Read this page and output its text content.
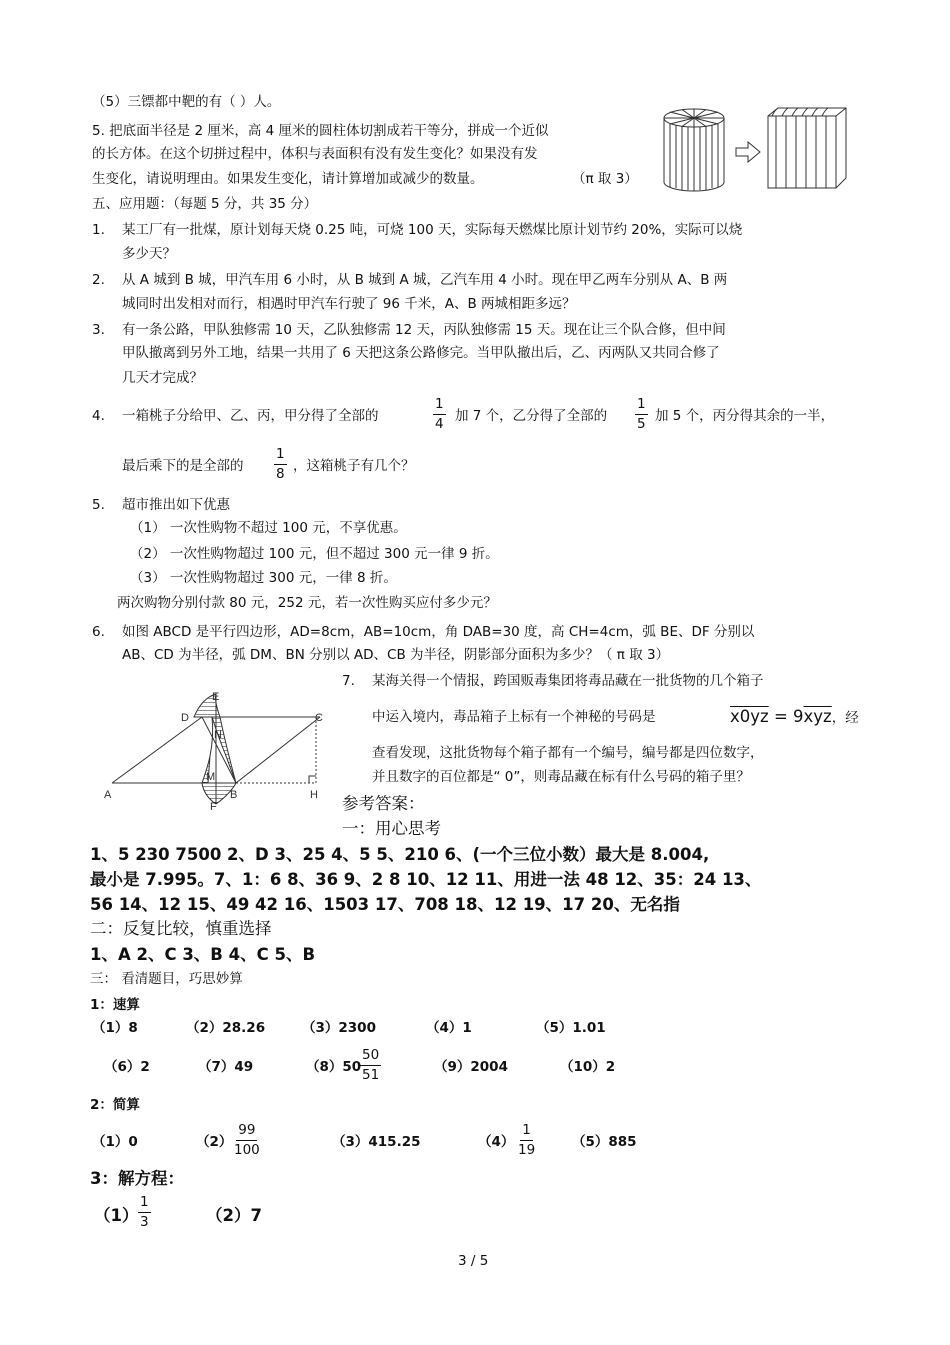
（5）三镖都中靶的有（ ）人。
5. 把底面半径是 2 厘米，高 4 厘米的圆柱体切割成若干等分，拼成一个近似
的长方体。在这个切拼过程中，体积与表面积有没有发生变化？如果没有发
生变化，请说明理由。如果发生变化，请计算增加或减少的数量。	（π 取 3）
五、应用题：（每题 5 分，共 35 分）
1. 某工厂有一批煤，原计划每天烧 0.25 吨，可烧 100 天，实际每天燃煤比原计划节约 20%，实际可以烧
多少天？
2. 从 A 城到 B 城，甲汽车用 6 小时，从 B 城到 A 城，乙汽车用 4 小时。现在甲乙两车分别从 A、B 两
城同时出发相对而行，相遇时甲汽车行驶了 96 千米，A、B 两城相距多远？
3. 有一条公路，甲队独修需 10 天，乙队独修需 12 天，丙队独修需 15 天。现在让三个队合修，但中间
甲队撤离到另外工地，结果一共用了 6 天把这条公路修完。当甲队撤出后，乙、丙两队又共同合修了
几天才完成？
4. 一箱桃子分给甲、乙、丙，甲分得了全部的	$\frac{1}{4}$ 加 7 个，乙分得了全部的 $\frac{1}{5}$ 加 5 个，丙分得其余的一半，
最后乘下的是全部的 $\frac{1}{8}$ ，这箱桃子有几个？
5. 超市推出如下优惠
（1） 一次性购物不超过 100 元，不享优惠。
（2） 一次性购物超过 100 元，但不超过 300 元一律 9 折。
（3） 一次性购物超过 300 元，一律 8 折。
两次购物分别付款 80 元，252 元，若一次性购买应付多少元？
6. 如图 ABCD 是平行四边形，AD=8cm，AB=10cm，角 DAB=30 度，高 CH=4cm，弧 BE、DF 分别以
AB、CD 为半径，弧 DM、BN 分别以 AD、CB 为半径，阴影部分面积为多少？（ π 取 3）
E
D
N
C
M
A	B	H
F
7. 某海关得一个情报，跨国贩毒集团将毒品藏在一批货物的几个箱子
中运入境内，毒品箱子上标有一个神秘的号码是	$x0yz = 9\overline{xyz}$，经
查看发现，这批货物每个箱子都有一个编号，编号都是四位数字，
并且数字的百位都是“ 0”，则毒品藏在标有什么号码的箱子里？
参考答案：
一：用心思考
1、5 230 7500 2、D 3、25 4、5 5、210 6、(一个三位小数）最大是 8.004,
最小是 7.995。7、1：6 8、36 9、2 8 10、12 11、用进一法 48 12、35：24 13、
56 14、12 15、49 42 16、1503 17、708 18、12 19、17 20、无名指
二：反复比较，慎重选择
1、A 2、C 3、B 4、C 5、B
三： 看清题目，巧思妙算
1：速算
（1）8	（2）28.26	（3）2300	（4）1	（5）1.01
（6）2	（7）49	（8）50
$\frac{50}{51}$	（9）2004	（10）2
2：简算
（1）0	$(2) \frac{99}{100}$	（3）415.25	$(4) \frac{1}{19}$	（5）885
3：解方程：
$(1) \frac{1}{3}$	（2）7
3 / 5
